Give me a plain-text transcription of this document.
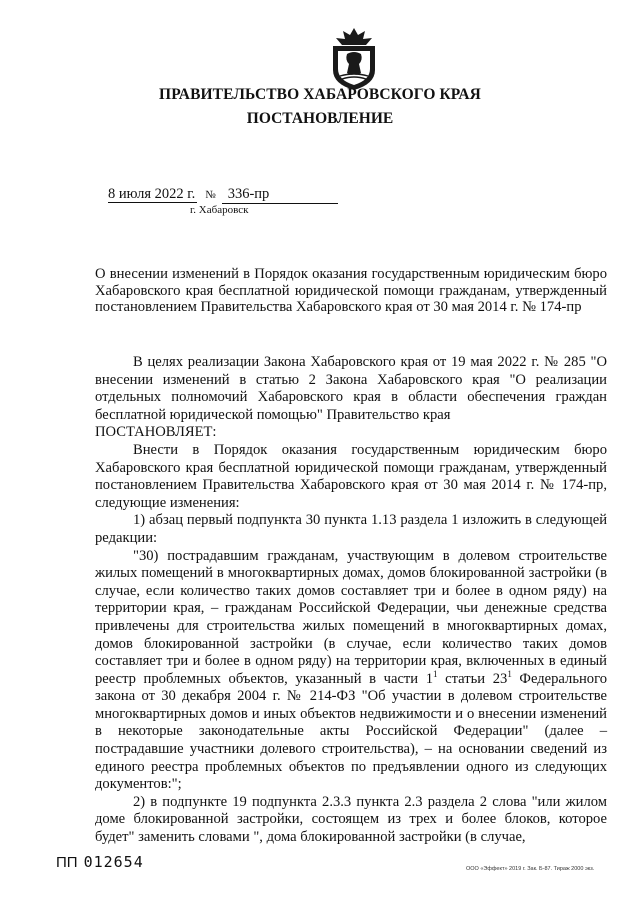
ПРАВИТЕЛЬСТВО ХАБАРОВСКОГО КРАЯ
ПОСТАНОВЛЕНИЕ
8 июля 2022 г. № 336-пр
г. Хабаровск
О внесении изменений в Порядок оказания государственным юридическим бюро Хабаровского края бесплатной юридической помощи гражданам, утвержденный постановлением Правительства Хабаровского края от 30 мая 2014 г. № 174-пр

В целях реализации Закона Хабаровского края от 19 мая 2022 г. № 285 "О внесении изменений в статью 2 Закона Хабаровского края "О реализации отдельных полномочий Хабаровского края в области обеспечения граждан бесплатной юридической помощью" Правительство края

ПОСТАНОВЛЯЕТ:

Внести в Порядок оказания государственным юридическим бюро Хабаровского края бесплатной юридической помощи гражданам, утвержденный постановлением Правительства Хабаровского края от 30 мая 2014 г. № 174-пр, следующие изменения:

1) абзац первый подпункта 30 пункта 1.13 раздела 1 изложить в следующей редакции:

"30) пострадавшим гражданам, участвующим в долевом строительстве жилых помещений в многоквартирных домах, домов блокированной застройки (в случае, если количество таких домов составляет три и более в одном ряду) на территории края, – гражданам Российской Федерации, чьи денежные средства привлечены для строительства жилых помещений в многоквартирных домах, домов блокированной застройки (в случае, если количество таких домов составляет три и более в одном ряду) на территории края, включенных в единый реестр проблемных объектов, указанный в части $1^1$ статьи $23^1$ Федерального закона от 30 декабря 2004 г. № 214-ФЗ "Об участии в долевом строительстве многоквартирных домов и иных объектов недвижимости и о внесении изменений в некоторые законодательные акты Российской Федерации" (далее – пострадавшие участники долевого строительства), – на основании сведений из единого реестра проблемных объектов по предъявлении одного из следующих документов:";

2) в подпункте 19 подпункта 2.3.3 пункта 2.3 раздела 2 слова "или жилом доме блокированной застройки, состоящем из трех и более блоков, которое будет" заменить словами ", дома блокированной застройки (в случае,

ПП 012654	ООО «Эффект» 2019 г. Зак. Б-87. Тираж 2000 экз.
